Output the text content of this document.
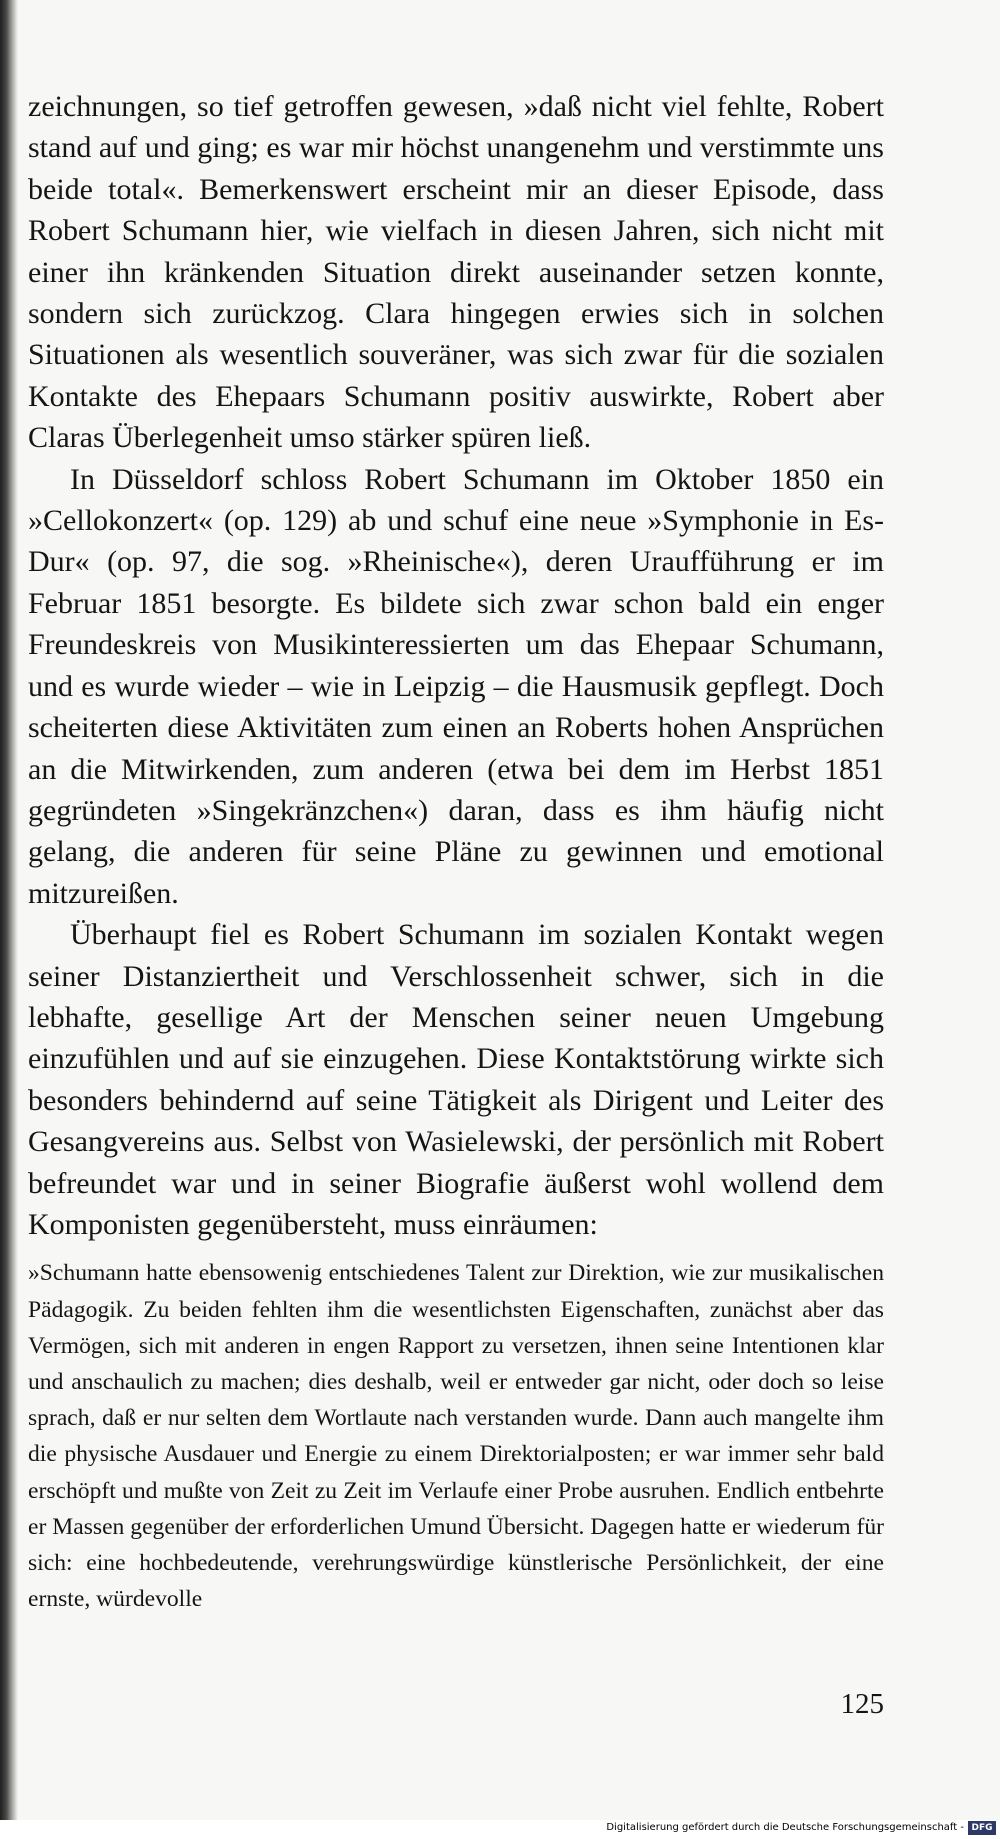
zeichnungen, so tief getroffen gewesen, »daß nicht viel fehlte, Robert stand auf und ging; es war mir höchst unangenehm und verstimmte uns beide total«. Bemerkenswert erscheint mir an dieser Episode, dass Robert Schumann hier, wie vielfach in diesen Jahren, sich nicht mit einer ihn kränkenden Situation direkt auseinander setzen konnte, sondern sich zurückzog. Clara hingegen erwies sich in solchen Situationen als wesentlich souveräner, was sich zwar für die sozialen Kontakte des Ehepaars Schumann positiv auswirkte, Robert aber Claras Überlegenheit umso stärker spüren ließ.

In Düsseldorf schloss Robert Schumann im Oktober 1850 ein »Cellokonzert« (op. 129) ab und schuf eine neue »Symphonie in Es-Dur« (op. 97, die sog. »Rheinische«), deren Uraufführung er im Februar 1851 besorgte. Es bildete sich zwar schon bald ein enger Freundeskreis von Musikinteressierten um das Ehepaar Schumann, und es wurde wieder – wie in Leipzig – die Hausmusik gepflegt. Doch scheiterten diese Aktivitäten zum einen an Roberts hohen Ansprüchen an die Mitwirkenden, zum anderen (etwa bei dem im Herbst 1851 gegründeten »Singekränzchen«) daran, dass es ihm häufig nicht gelang, die anderen für seine Pläne zu gewinnen und emotional mitzureißen.

Überhaupt fiel es Robert Schumann im sozialen Kontakt wegen seiner Distanziertheit und Verschlossenheit schwer, sich in die lebhafte, gesellige Art der Menschen seiner neuen Umgebung einzufühlen und auf sie einzugehen. Diese Kontaktstörung wirkte sich besonders behindernd auf seine Tätigkeit als Dirigent und Leiter des Gesangvereins aus. Selbst von Wasielewski, der persönlich mit Robert befreundet war und in seiner Biografie äußerst wohl wollend dem Komponisten gegenübersteht, muss einräumen:

»Schumann hatte ebensowenig entschiedenes Talent zur Direktion, wie zur musikalischen Pädagogik. Zu beiden fehlten ihm die wesentlichsten Eigenschaften, zunächst aber das Vermögen, sich mit anderen in engen Rapport zu versetzen, ihnen seine Intentionen klar und anschaulich zu machen; dies deshalb, weil er entweder gar nicht, oder doch so leise sprach, daß er nur selten dem Wortlaute nach verstanden wurde. Dann auch mangelte ihm die physische Ausdauer und Energie zu einem Direktorialposten; er war immer sehr bald erschöpft und mußte von Zeit zu Zeit im Verlaufe einer Probe ausruhen. Endlich entbehrte er Massen gegenüber der erforderlichen Umund Übersicht. Dagegen hatte er wiederum für sich: eine hochbedeutende, verehrungswürdige künstlerische Persönlichkeit, der eine ernste, würdevolle

125
Digitalisierung gefördert durch die Deutsche Forschungsgemeinschaft - DFG
